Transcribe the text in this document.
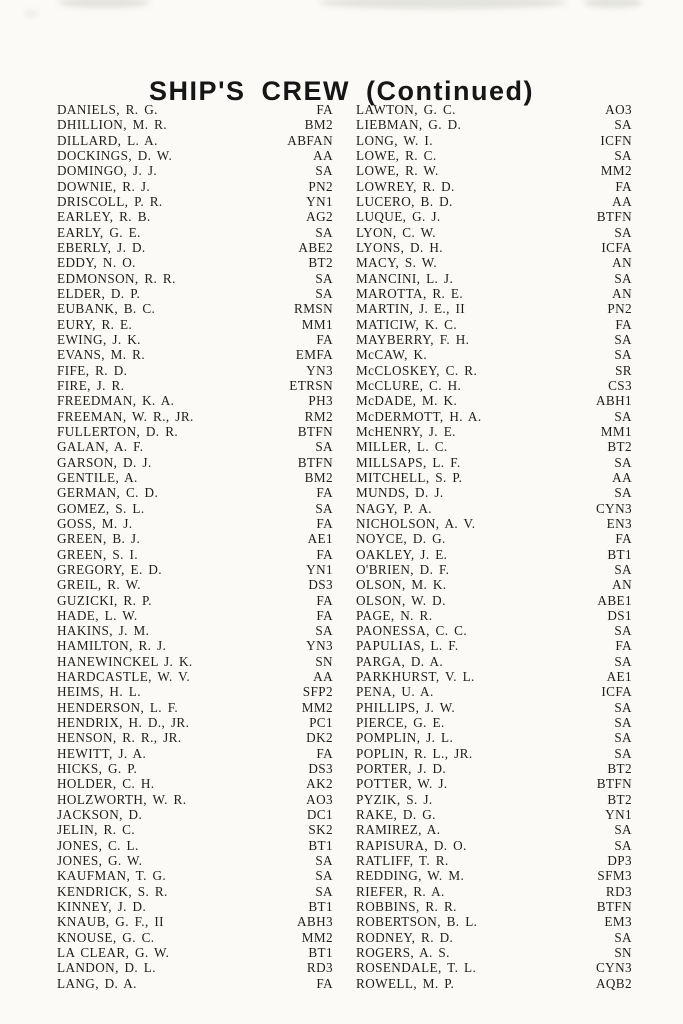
SHIP'S CREW (Continued)
DANIELS, R. G.	FA
DHILLION, M. R.	BM2
DILLARD, L. A.	ABFAN
DOCKINGS, D. W.	AA
DOMINGO, J. J.	SA
DOWNIE, R. J.	PN2
DRISCOLL, P. R.	YN1
EARLEY, R. B.	AG2
EARLY, G. E.	SA
EBERLY, J. D.	ABE2
EDDY, N. O.	BT2
EDMONSON, R. R.	SA
ELDER, D. P.	SA
EUBANK, B. C.	RMSN
EURY, R. E.	MM1
EWING, J. K.	FA
EVANS, M. R.	EMFA
FIFE, R. D.	YN3
FIRE, J. R.	ETRSN
FREEDMAN, K. A.	PH3
FREEMAN, W. R., JR.	RM2
FULLERTON, D. R.	BTFN
GALAN, A. F.	SA
GARSON, D. J.	BTFN
GENTILE, A.	BM2
GERMAN, C. D.	FA
GOMEZ, S. L.	SA
GOSS, M. J.	FA
GREEN, B. J.	AE1
GREEN, S. I.	FA
GREGORY, E. D.	YN1
GREIL, R. W.	DS3
GUZICKI, R. P.	FA
HADE, L. W.	FA
HAKINS, J. M.	SA
HAMILTON, R. J.	YN3
HANEWINCKEL J. K.	SN
HARDCASTLE, W. V.	AA
HEIMS, H. L.	SFP2
HENDERSON, L. F.	MM2
HENDRIX, H. D., JR.	PC1
HENSON, R. R., JR.	DK2
HEWITT, J. A.	FA
HICKS, G. P.	DS3
HOLDER, C. H.	AK2
HOLZWORTH, W. R.	AO3
JACKSON, D.	DC1
JELIN, R. C.	SK2
JONES, C. L.	BT1
JONES, G. W.	SA
KAUFMAN, T. G.	SA
KENDRICK, S. R.	SA
KINNEY, J. D.	BT1
KNAUB, G. F., II	ABH3
KNOUSE, G. C.	MM2
LA CLEAR, G. W.	BT1
LANDON, D. L.	RD3
LANG, D. A.	FA
LAWTON, G. C.	AO3
LIEBMAN, G. D.	SA
LONG, W. I.	ICFN
LOWE, R. C.	SA
LOWE, R. W.	MM2
LOWREY, R. D.	FA
LUCERO, B. D.	AA
LUQUE, G. J.	BTFN
LYON, C. W.	SA
LYONS, D. H.	ICFA
MACY, S. W.	AN
MANCINI, L. J.	SA
MAROTTA, R. E.	AN
MARTIN, J. E., II	PN2
MATICIW, K. C.	FA
MAYBERRY, F. H.	SA
McCAW, K.	SA
McCLOSKEY, C. R.	SR
McCLURE, C. H.	CS3
McDADE, M. K.	ABH1
McDERMOTT, H. A.	SA
McHENRY, J. E.	MM1
MILLER, L. C.	BT2
MILLSAPS, L. F.	SA
MITCHELL, S. P.	AA
MUNDS, D. J.	SA
NAGY, P. A.	CYN3
NICHOLSON, A. V.	EN3
NOYCE, D. G.	FA
OAKLEY, J. E.	BT1
O'BRIEN, D. F.	SA
OLSON, M. K.	AN
OLSON, W. D.	ABE1
PAGE, N. R.	DS1
PAONESSA, C. C.	SA
PAPULIAS, L. F.	FA
PARGA, D. A.	SA
PARKHURST, V. L.	AE1
PENA, U. A.	ICFA
PHILLIPS, J. W.	SA
PIERCE, G. E.	SA
POMPLIN, J. L.	SA
POPLIN, R. L., JR.	SA
PORTER, J. D.	BT2
POTTER, W. J.	BTFN
PYZIK, S. J.	BT2
RAKE, D. G.	YN1
RAMIREZ, A.	SA
RAPISURA, D. O.	SA
RATLIFF, T. R.	DP3
REDDING, W. M.	SFM3
RIEFER, R. A.	RD3
ROBBINS, R. R.	BTFN
ROBERTSON, B. L.	EM3
RODNEY, R. D.	SA
ROGERS, A. S.	SN
ROSENDALE, T. L.	CYN3
ROWELL, M. P.	AQB2
